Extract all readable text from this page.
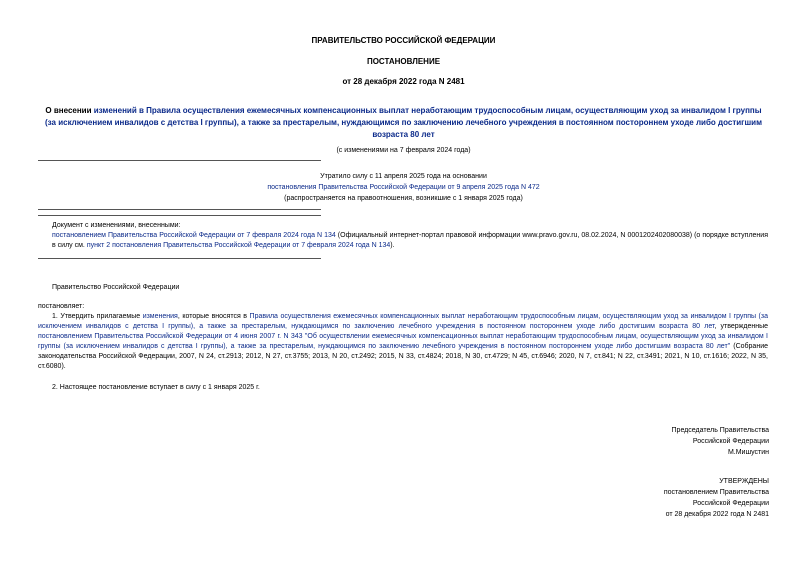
ПРАВИТЕЛЬСТВО РОССИЙСКОЙ ФЕДЕРАЦИИ
ПОСТАНОВЛЕНИЕ
от 28 декабря 2022 года N 2481
О внесении изменений в Правила осуществления ежемесячных компенсационных выплат неработающим трудоспособным лицам, осуществляющим уход за инвалидом I группы (за исключением инвалидов с детства I группы), а также за престарелым, нуждающимся по заключению лечебного учреждения в постоянном постороннем уходе либо достигшим возраста 80 лет
(с изменениями на 7 февраля 2024 года)
Утратило силу с 11 апреля 2025 года на основании
постановления Правительства Российской Федерации от 9 апреля 2025 года N 472
(распространяется на правоотношения, возникшие с 1 января 2025 года)
Документ с изменениями, внесенными:
постановлением Правительства Российской Федерации от 7 февраля 2024 года N 134 (Официальный интернет-портал правовой информации www.pravo.gov.ru, 08.02.2024, N 0001202402080038) (о порядке вступления в силу см. пункт 2 постановления Правительства Российской Федерации от 7 февраля 2024 года N 134).
Правительство Российской Федерации
постановляет:
1. Утвердить прилагаемые изменения, которые вносятся в Правила осуществления ежемесячных компенсационных выплат неработающим трудоспособным лицам, осуществляющим уход за инвалидом I группы (за исключением инвалидов с детства I группы), а также за престарелым, нуждающимся по заключению лечебного учреждения в постоянном постороннем уходе либо достигшим возраста 80 лет, утвержденные постановлением Правительства Российской Федерации от 4 июня 2007 г. N 343 "Об осуществлении ежемесячных компенсационных выплат неработающим трудоспособным лицам, осуществляющим уход за инвалидом I группы (за исключением инвалидов с детства I группы), а также за престарелым, нуждающимся по заключению лечебного учреждения в постоянном постороннем уходе либо достигшим возраста 80 лет" (Собрание законодательства Российской Федерации, 2007, N 24, ст.2913; 2012, N 27, ст.3755; 2013, N 20, ст.2492; 2015, N 33, ст.4824; 2018, N 30, ст.4729; N 45, ст.6946; 2020, N 7, ст.841; N 22, ст.3491; 2021, N 10, ст.1616; 2022, N 35, ст.6080).
2. Настоящее постановление вступает в силу с 1 января 2025 г.
Председатель Правительства
Российской Федерации
М.Мишустин
УТВЕРЖДЕНЫ
постановлением Правительства
Российской Федерации
от 28 декабря 2022 года N 2481
